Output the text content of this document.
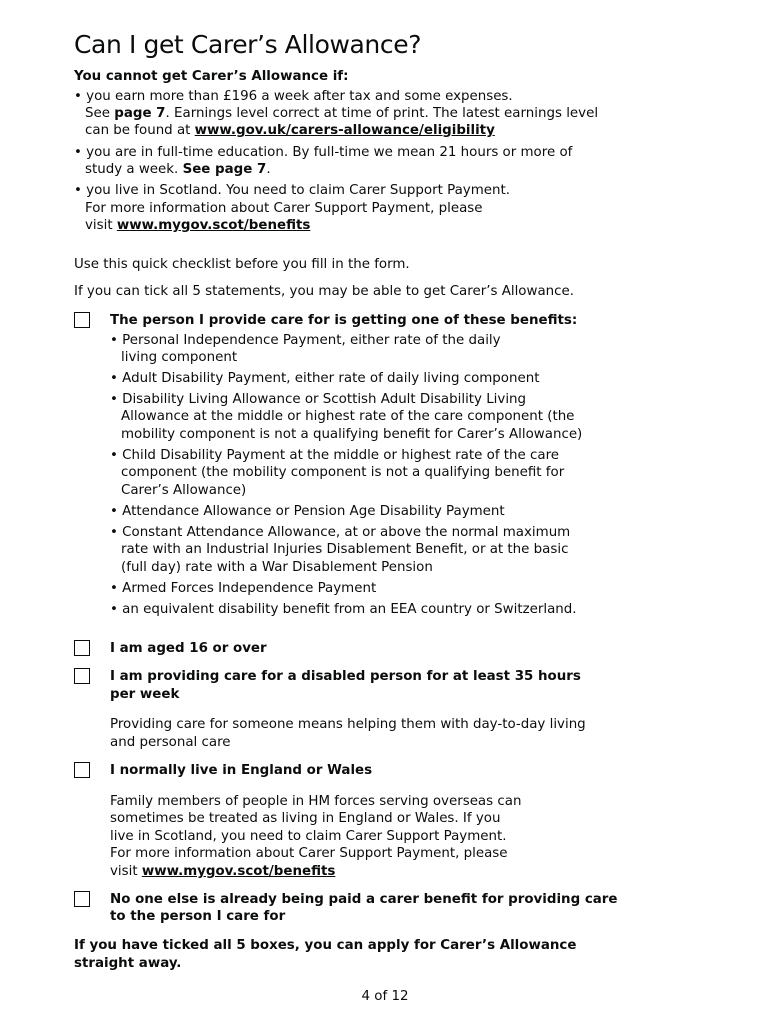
Can I get Carer’s Allowance?

You cannot get Carer’s Allowance if:

• you earn more than £196 a week after tax and some expenses.

See page 7. Earnings level correct at time of print. The latest earnings level

can be found at www.gov.uk/carers-allowance/eligibility

• you are in full-time education. By full-time we mean 21 hours or more of

study a week. See page 7.

• you live in Scotland. You need to claim Carer Support Payment.

For more information about Carer Support Payment, please

visit www.mygov.scot/benefits

Use this quick checklist before you fill in the form.

If you can tick all 5 statements, you may be able to get Carer’s Allowance.

The person I provide care for is getting one of these benefits:

• Personal Independence Payment, either rate of the daily

living component

• Adult Disability Payment, either rate of daily living component

• Disability Living Allowance or Scottish Adult Disability Living

Allowance at the middle or highest rate of the care component (the

mobility component is not a qualifying benefit for Carer’s Allowance)

• Child Disability Payment at the middle or highest rate of the care

component (the mobility component is not a qualifying benefit for

Carer’s Allowance)

• Attendance Allowance or Pension Age Disability Payment

• Constant Attendance Allowance, at or above the normal maximum

rate with an Industrial Injuries Disablement Benefit, or at the basic

(full day) rate with a War Disablement Pension

• Armed Forces Independence Payment

• an equivalent disability benefit from an EEA country or Switzerland.

I am aged 16 or over

I am providing care for a disabled person for at least 35 hours

per week

Providing care for someone means helping them with day-to-day living

and personal care

I normally live in England or Wales

Family members of people in HM forces serving overseas can

sometimes be treated as living in England or Wales. If you

live in Scotland, you need to claim Carer Support Payment.

For more information about Carer Support Payment, please

visit www.mygov.scot/benefits

No one else is already being paid a carer benefit for providing care

to the person I care for

If you have ticked all 5 boxes, you can apply for Carer’s Allowance

straight away.

4 of 12
